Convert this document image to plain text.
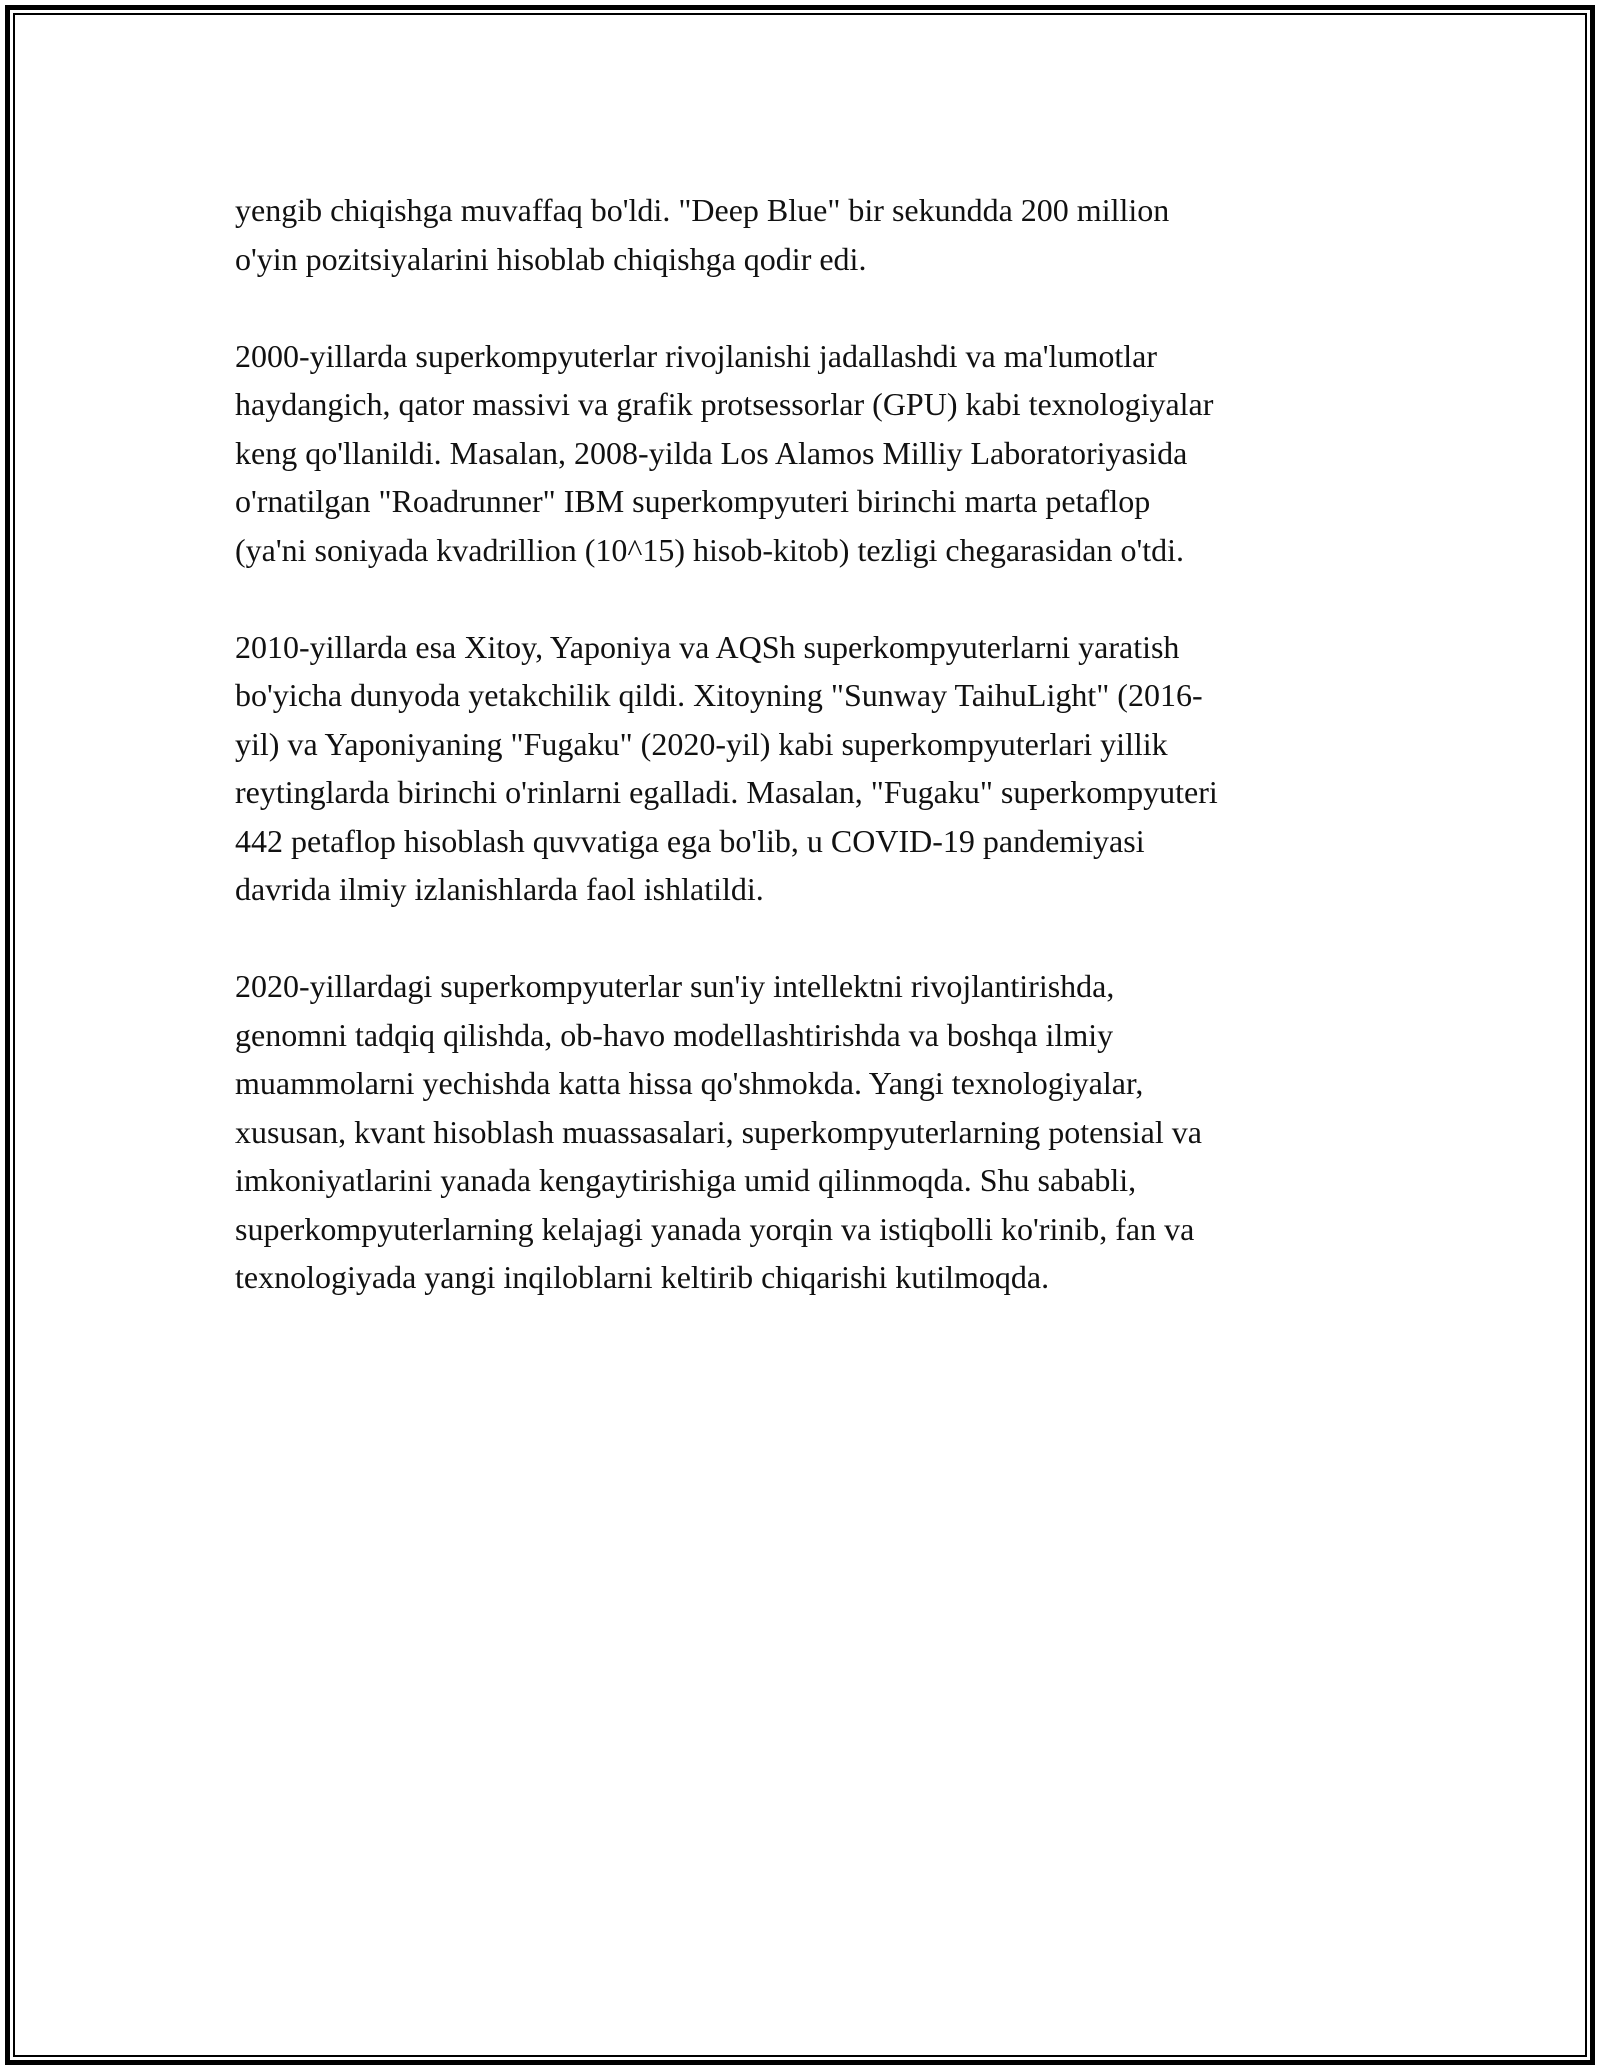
yengib chiqishga muvaffaq bo'ldi. "Deep Blue" bir sekundda 200 million
o'yin pozitsiyalarini hisoblab chiqishga qodir edi.

2000-yillarda superkompyuterlar rivojlanishi jadallashdi va ma'lumotlar
haydangich, qator massivi va grafik protsessorlar (GPU) kabi texnologiyalar
keng qo'llanildi. Masalan, 2008-yilda Los Alamos Milliy Laboratoriyasida
o'rnatilgan "Roadrunner" IBM superkompyuteri birinchi marta petaflop
(ya'ni soniyada kvadrillion (10^15) hisob-kitob) tezligi chegarasidan o'tdi.

2010-yillarda esa Xitoy, Yaponiya va AQSh superkompyuterlarni yaratish
bo'yicha dunyoda yetakchilik qildi. Xitoyning "Sunway TaihuLight" (2016-
yil) va Yaponiyaning "Fugaku" (2020-yil) kabi superkompyuterlari yillik
reytinglarda birinchi o'rinlarni egalladi. Masalan, "Fugaku" superkompyuteri
442 petaflop hisoblash quvvatiga ega bo'lib, u COVID-19 pandemiyasi
davrida ilmiy izlanishlarda faol ishlatildi.

2020-yillardagi superkompyuterlar sun'iy intellektni rivojlantirishda,
genomni tadqiq qilishda, ob-havo modellashtirishda va boshqa ilmiy
muammolarni yechishda katta hissa qo'shmokda. Yangi texnologiyalar,
xususan, kvant hisoblash muassasalari, superkompyuterlarning potensial va
imkoniyatlarini yanada kengaytirishiga umid qilinmoqda. Shu sababli,
superkompyuterlarning kelajagi yanada yorqin va istiqbolli ko'rinib, fan va
texnologiyada yangi inqiloblarni keltirib chiqarishi kutilmoqda.
